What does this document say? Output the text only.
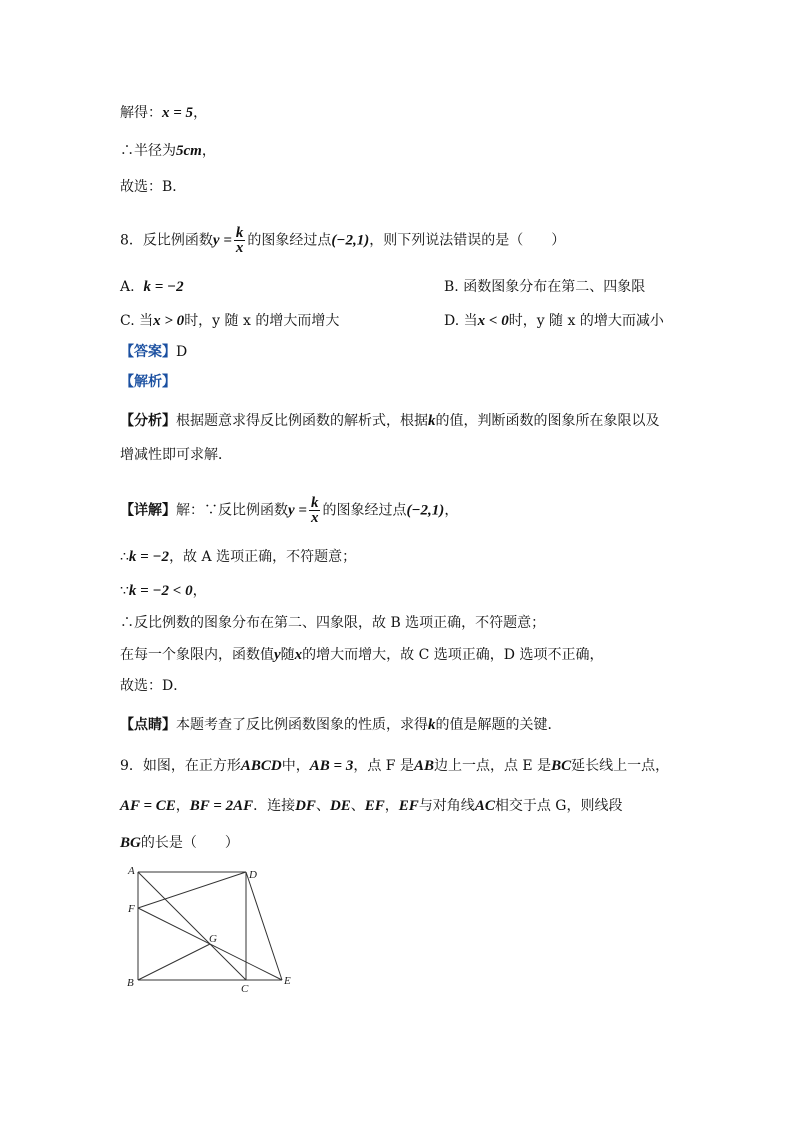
解得：x = 5，
∴半径为5cm，
故选：B．
8．反比例函数$y = \frac{k}{x}$ 的图象经过点(−2,1)，则下列说法错误的是（　　）
A. k = −2	B. 函数图象分布在第二、四象限
C. 当x > 0时，y 随 x 的增大而增大	D. 当x < 0时，y 随 x 的增大而减小
【答案】D
【解析】
【分析】根据题意求得反比例函数的解析式，根据k的值，判断函数的图象所在象限以及
增减性即可求解．
【详解】解：∵反比例函数$y = \frac{k}{x}$ 的图象经过点(−2,1)，
∴k = −2，故 A 选项正确，不符题意；
∵k = −2 < 0，
∴反比例数的图象分布在第二、四象限，故 B 选项正确，不符题意；
在每一个象限内，函数值y随x的增大而增大，故 C 选项正确，D 选项不正确，
故选：D．
【点睛】本题考查了反比例函数图象的性质，求得k的值是解题的关键．
9．如图，在正方形ABCD中，AB = 3，点 F 是AB边上一点，点 E 是BC延长线上一点，
AF = CE，BF = 2AF．连接DF、DE、EF，EF与对角线AC相交于点 G，则线段
BG的长是（　　）
A	D
F
G
B	C
E
